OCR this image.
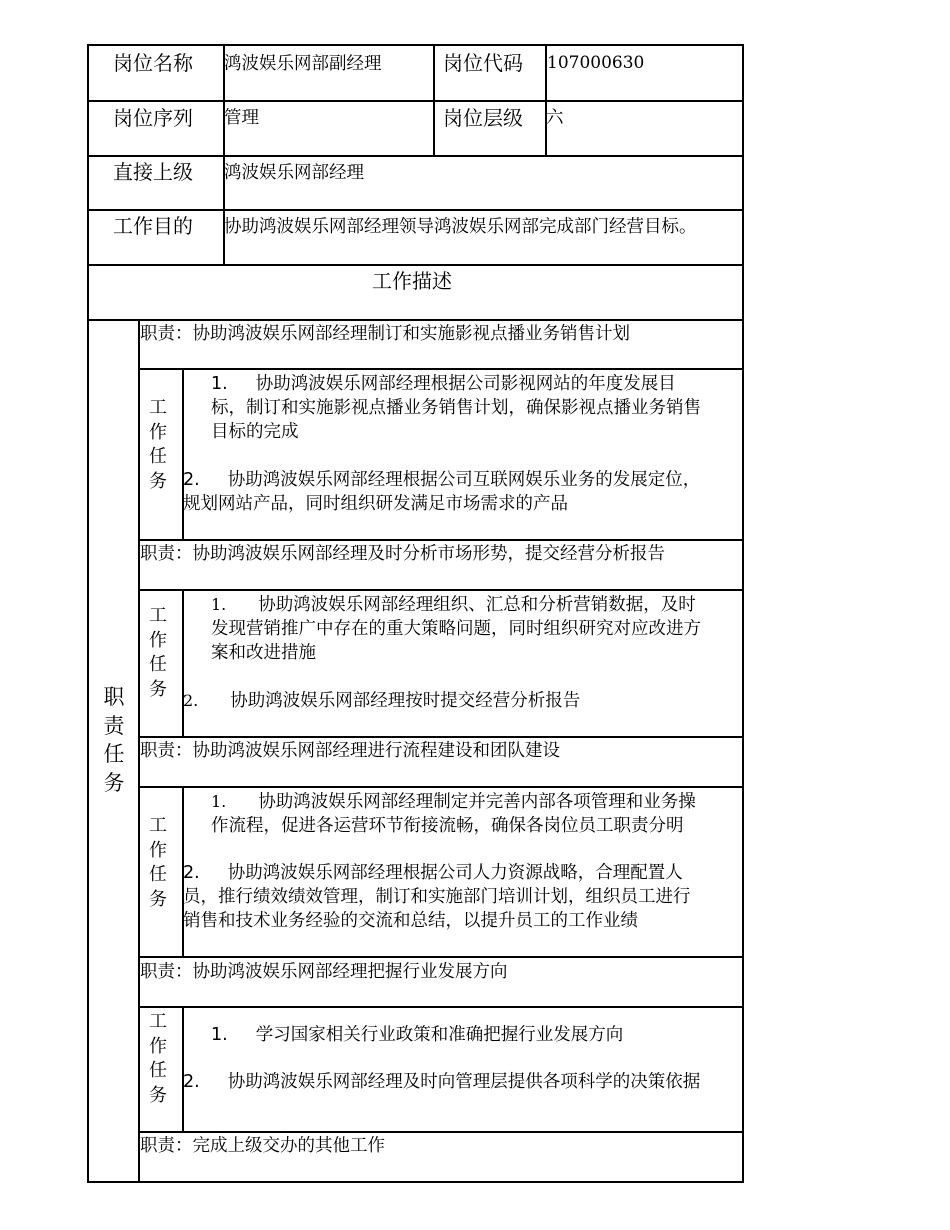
岗位名称 鸿波娱乐网部副经理	岗位代码 107000630
岗位序列 管理	岗位层级 六
直接上级 鸿波娱乐网部经理
工作目的 协助鸿波娱乐网部经理领导鸿波娱乐网部完成部门经营目标。
工作描述
职
责
任
务
职责：协助鸿波娱乐网部经理制订和实施影视点播业务销售计划
工
作
任
务
1. 协助鸿波娱乐网部经理根据公司影视网站的年度发展目
标，制订和实施影视点播业务销售计划，确保影视点播业务销售
目标的完成
2. 协助鸿波娱乐网部经理根据公司互联网娱乐业务的发展定位，
规划网站产品，同时组织研发满足市场需求的产品
职责：协助鸿波娱乐网部经理及时分析市场形势，提交经营分析报告
工
作
任
务
1. 协助鸿波娱乐网部经理组织、汇总和分析营销数据，及时
发现营销推广中存在的重大策略问题，同时组织研究对应改进方
案和改进措施
2. 协助鸿波娱乐网部经理按时提交经营分析报告
职责：协助鸿波娱乐网部经理进行流程建设和团队建设
工
作
任
务
1. 协助鸿波娱乐网部经理制定并完善内部各项管理和业务操
作流程，促进各运营环节衔接流畅，确保各岗位员工职责分明
2. 协助鸿波娱乐网部经理根据公司人力资源战略，合理配置人
员，推行绩效绩效管理，制订和实施部门培训计划，组织员工进行
销售和技术业务经验的交流和总结，以提升员工的工作业绩
职责：协助鸿波娱乐网部经理把握行业发展方向
工
作
任
务
1. 学习国家相关行业政策和准确把握行业发展方向
2. 协助鸿波娱乐网部经理及时向管理层提供各项科学的决策依据
职责：完成上级交办的其他工作
